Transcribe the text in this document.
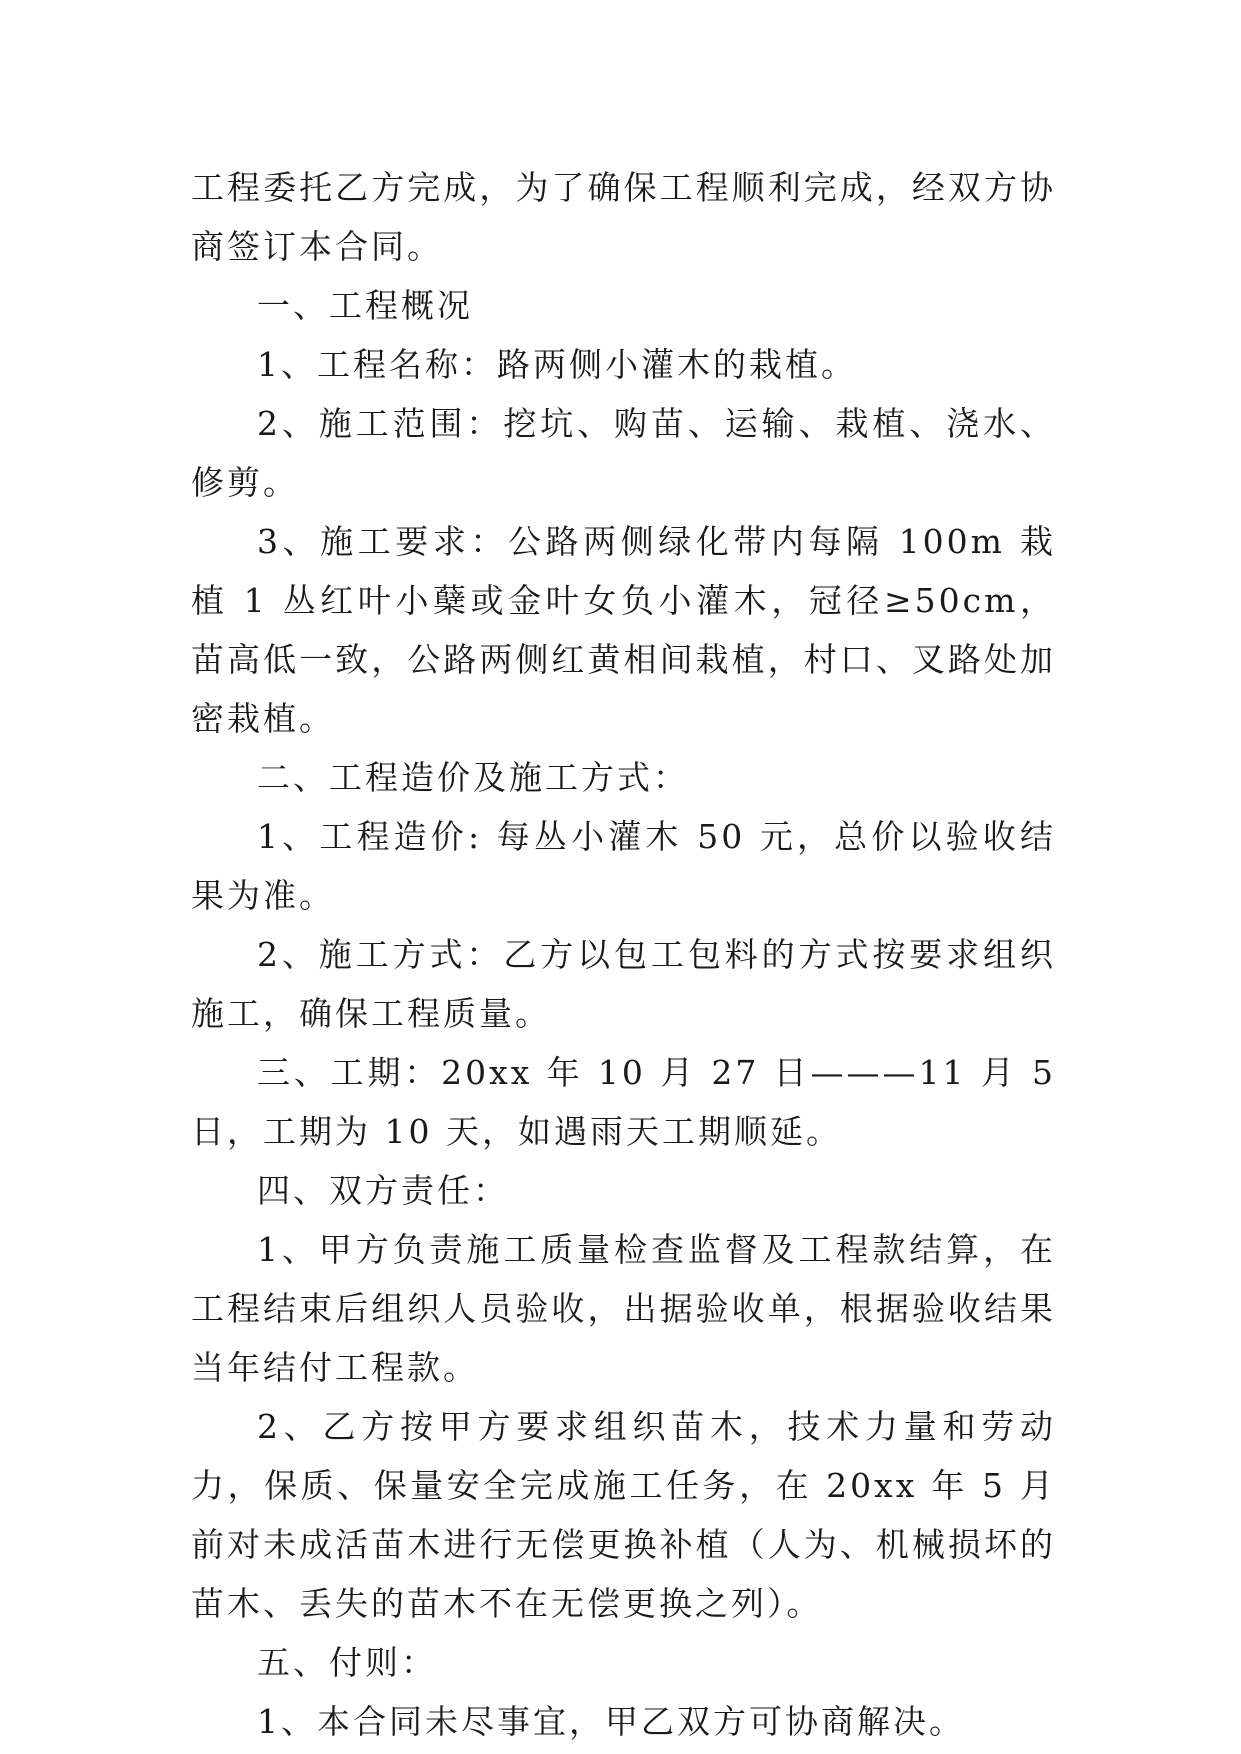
工程委托乙方完成，为了确保工程顺利完成，经双方协商签订本合同。

一、工程概况

1、工程名称：路两侧小灌木的栽植。

2、施工范围：挖坑、购苗、运输、栽植、浇水、修剪。

3、施工要求：公路两侧绿化带内每隔 100m 栽植 1 丛红叶小蘖或金叶女负小灌木，冠径≥50cm，苗高低一致，公路两侧红黄相间栽植，村口、叉路处加密栽植。

二、工程造价及施工方式：

1、工程造价: 每丛小灌木 50 元，总价以验收结果为准。

2、施工方式：乙方以包工包料的方式按要求组织施工，确保工程质量。

三、工期：20xx 年 10 月 27 日———11 月 5 日，工期为 10 天，如遇雨天工期顺延。

四、双方责任：

1、甲方负责施工质量检查监督及工程款结算，在工程结束后组织人员验收，出据验收单，根据验收结果当年结付工程款。

2、乙方按甲方要求组织苗木，技术力量和劳动力，保质、保量安全完成施工任务，在 20xx 年 5 月前对未成活苗木进行无偿更换补植（人为、机械损坏的苗木、丢失的苗木不在无偿更换之列）。

五、付则：

1、本合同未尽事宜，甲乙双方可协商解决。
